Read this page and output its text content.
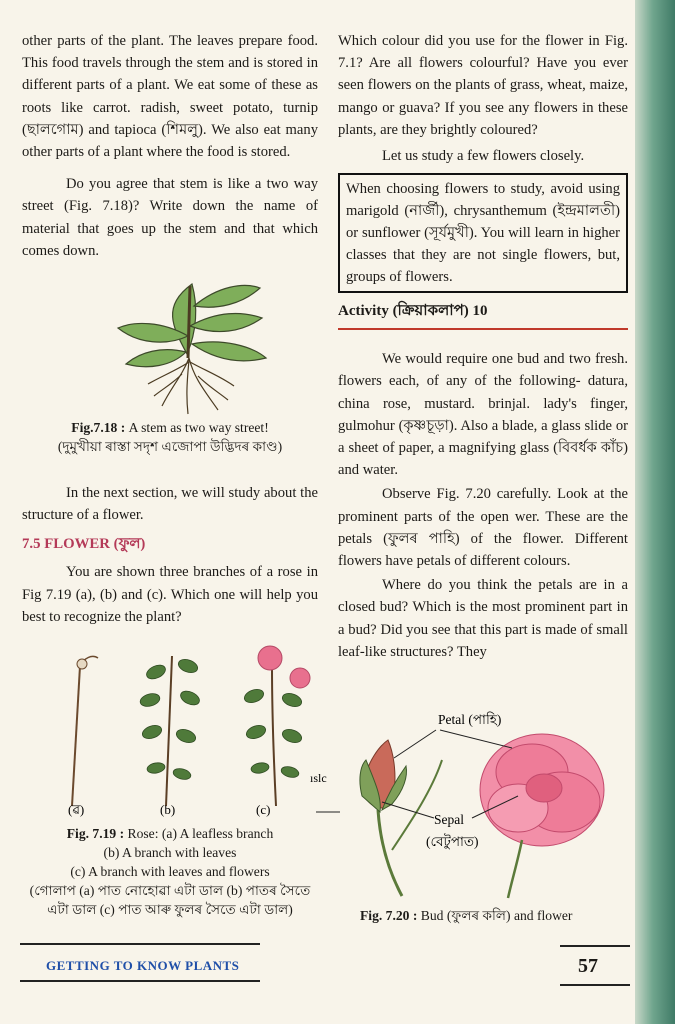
other parts of the plant. The leaves prepare food. This food travels through the stem and is stored in different parts of a plant. We eat some of these as roots like carrot. radish, sweet potato, turnip (ছালগোম) and tapioca (শিমলু). We also eat many other parts of a plant where the food is stored.

Do you agree that stem is like a two way street (Fig. 7.18)? Write down the name of material that goes up the stem and that which comes down.

Fig.7.18 : A stem as two way street!
(দুমুখীয়া ৰাস্তা সদৃশ এজোপা উদ্ভিদৰ কাণ্ড)

In the next section, we will study about the structure of a flower.

7.5 FLOWER (ফুল)

You are shown three branches of a rose in Fig 7.19 (a), (b) and (c). Which one will help you best to recognize the plant?

(ৱ)	(b)	(c)
Fig. 7.19 : Rose: (a) A leafless branch
(b) A branch with leaves
(c) A branch with leaves and flowers
(গোলাপ (a) পাত নোহোৱা এটা ডাল (b) পাতৰ সৈতে এটা ডাল (c) পাত আৰু ফুলৰ সৈতে এটা ডাল)

Which colour did you use for the flower in Fig. 7.1? Are all flowers colourful? Have you ever seen flowers on the plants of grass, wheat, maize, mango or guava? If you see any flowers in these plants, are they brightly coloured?

Let us study a few flowers closely.

When choosing flowers to study, avoid using marigold (নাৰ্জী), chrysanthemum (ইন্দ্ৰমালতী) or sunflower (সূৰ্যমুখী). You will learn in higher classes that they are not single flowers, but, groups of flowers.
Activity (ক্ৰিয়াকলাপ) 10

We would require one bud and two fresh. flowers each, of any of the following- datura, china rose, mustard. brinjal. lady's finger, gulmohur (কৃষ্ণচূড়া). Also a blade, a glass slide or a sheet of paper, a magnifying glass (বিবৰ্ধক কাঁচ) and water.

Observe Fig. 7.20 carefully. Look at the prominent parts of the open wer. These are the petals (ফুলৰ পাহি) of the flower. Different flowers have petals of different colours.

Where do you think the petals are in a closed bud? Which is the most prominent part in a bud? Did you see that this part is made of small leaf-like structures? They

ıslc
Petal (পাহি)
Sepal
(বেটুপাত)
Fig. 7.20 : Bud (ফুলৰ কলি) and flower
GETTING TO KNOW PLANTS	57
